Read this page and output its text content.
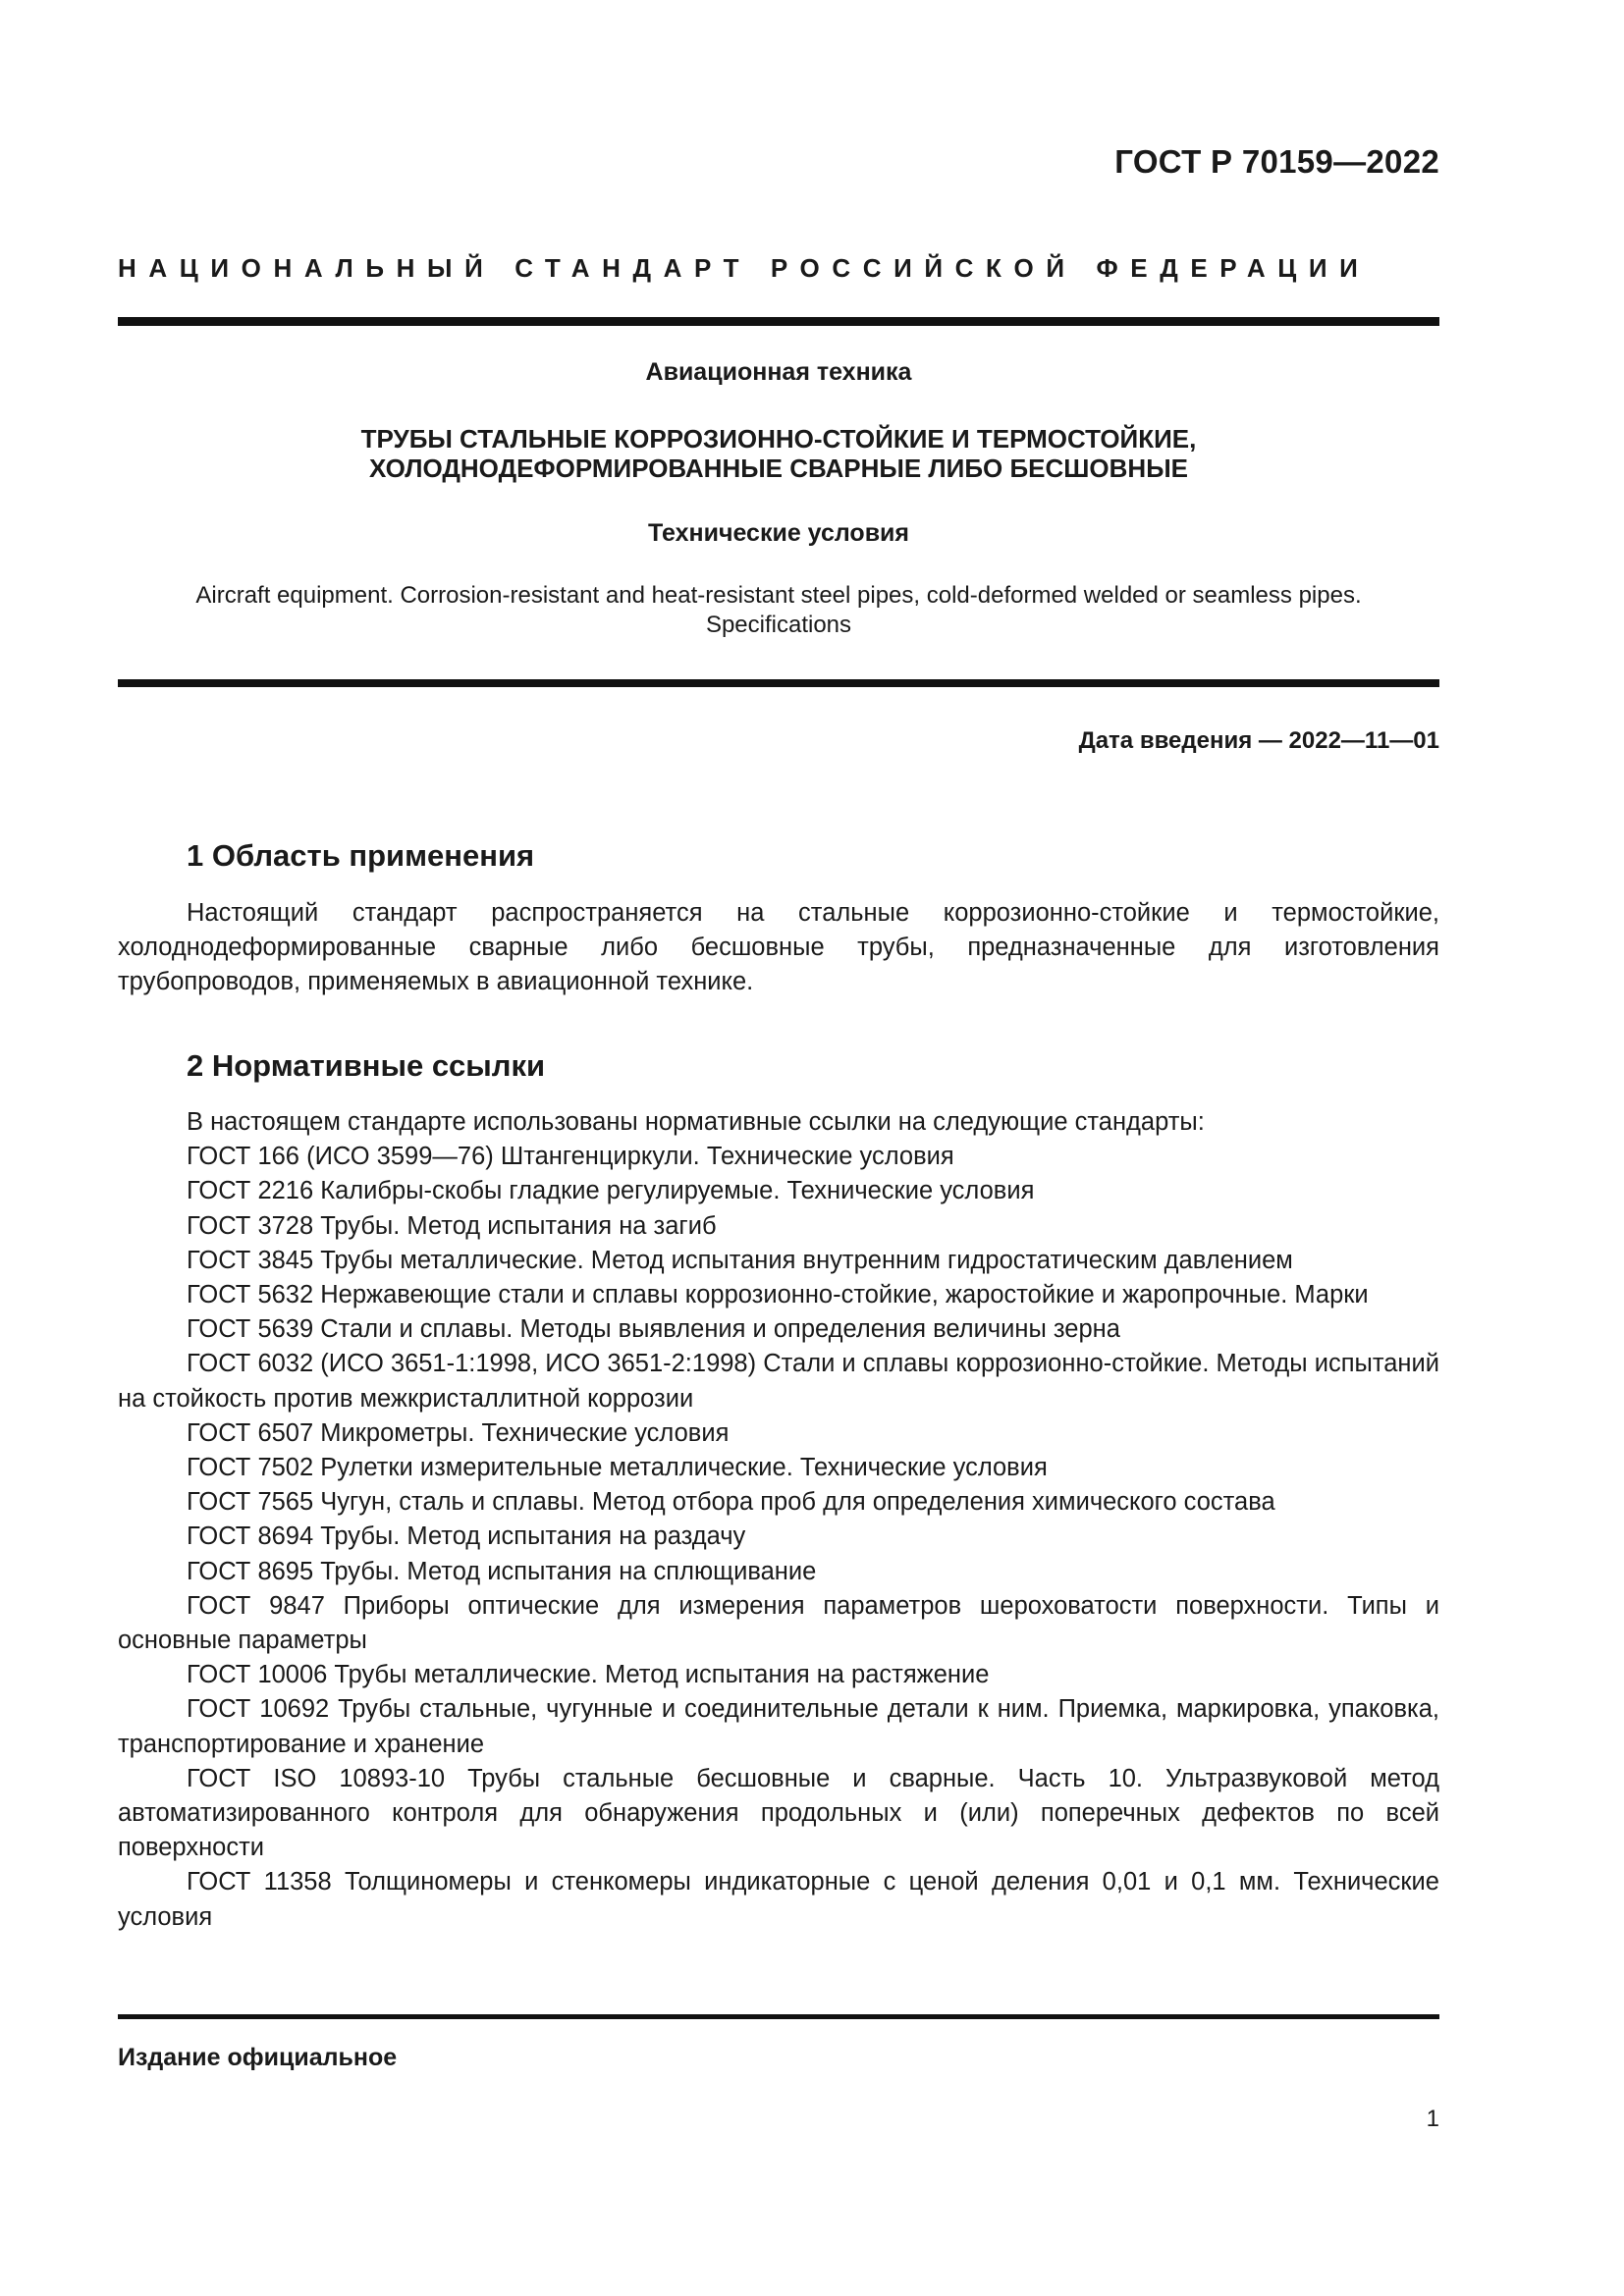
ГОСТ Р 70159—2022
НАЦИОНАЛЬНЫЙ СТАНДАРТ РОССИЙСКОЙ ФЕДЕРАЦИИ
Авиационная техника
ТРУБЫ СТАЛЬНЫЕ КОРРОЗИОННО-СТОЙКИЕ И ТЕРМОСТОЙКИЕ,
ХОЛОДНОДЕФОРМИРОВАННЫЕ СВАРНЫЕ ЛИБО БЕСШОВНЫЕ
Технические условия
Aircraft equipment. Corrosion-resistant and heat-resistant steel pipes, cold-deformed welded or seamless pipes.
Specifications
Дата введения — 2022—11—01
1 Область применения

Настоящий стандарт распространяется на стальные коррозионно-стойкие и термостойкие, холоднодеформированные сварные либо бесшовные трубы, предназначенные для изготовления трубопроводов, применяемых в авиационной технике.

2 Нормативные ссылки

В настоящем стандарте использованы нормативные ссылки на следующие стандарты:

ГОСТ 166 (ИСО 3599—76) Штангенциркули. Технические условия

ГОСТ 2216 Калибры-скобы гладкие регулируемые. Технические условия

ГОСТ 3728 Трубы. Метод испытания на загиб

ГОСТ 3845 Трубы металлические. Метод испытания внутренним гидростатическим давлением

ГОСТ 5632 Нержавеющие стали и сплавы коррозионно-стойкие, жаростойкие и жаропрочные. Марки

ГОСТ 5639 Стали и сплавы. Методы выявления и определения величины зерна

ГОСТ 6032 (ИСО 3651-1:1998, ИСО 3651-2:1998) Стали и сплавы коррозионно-стойкие. Методы испытаний на стойкость против межкристаллитной коррозии

ГОСТ 6507 Микрометры. Технические условия

ГОСТ 7502 Рулетки измерительные металлические. Технические условия

ГОСТ 7565 Чугун, сталь и сплавы. Метод отбора проб для определения химического состава

ГОСТ 8694 Трубы. Метод испытания на раздачу

ГОСТ 8695 Трубы. Метод испытания на сплющивание

ГОСТ 9847 Приборы оптические для измерения параметров шероховатости поверхности. Типы и основные параметры

ГОСТ 10006 Трубы металлические. Метод испытания на растяжение

ГОСТ 10692 Трубы стальные, чугунные и соединительные детали к ним. Приемка, маркировка, упаковка, транспортирование и хранение

ГОСТ ISO 10893-10 Трубы стальные бесшовные и сварные. Часть 10. Ультразвуковой метод автоматизированного контроля для обнаружения продольных и (или) поперечных дефектов по всей поверхности

ГОСТ 11358 Толщиномеры и стенкомеры индикаторные с ценой деления 0,01 и 0,1 мм. Технические условия

Издание официальное
1
